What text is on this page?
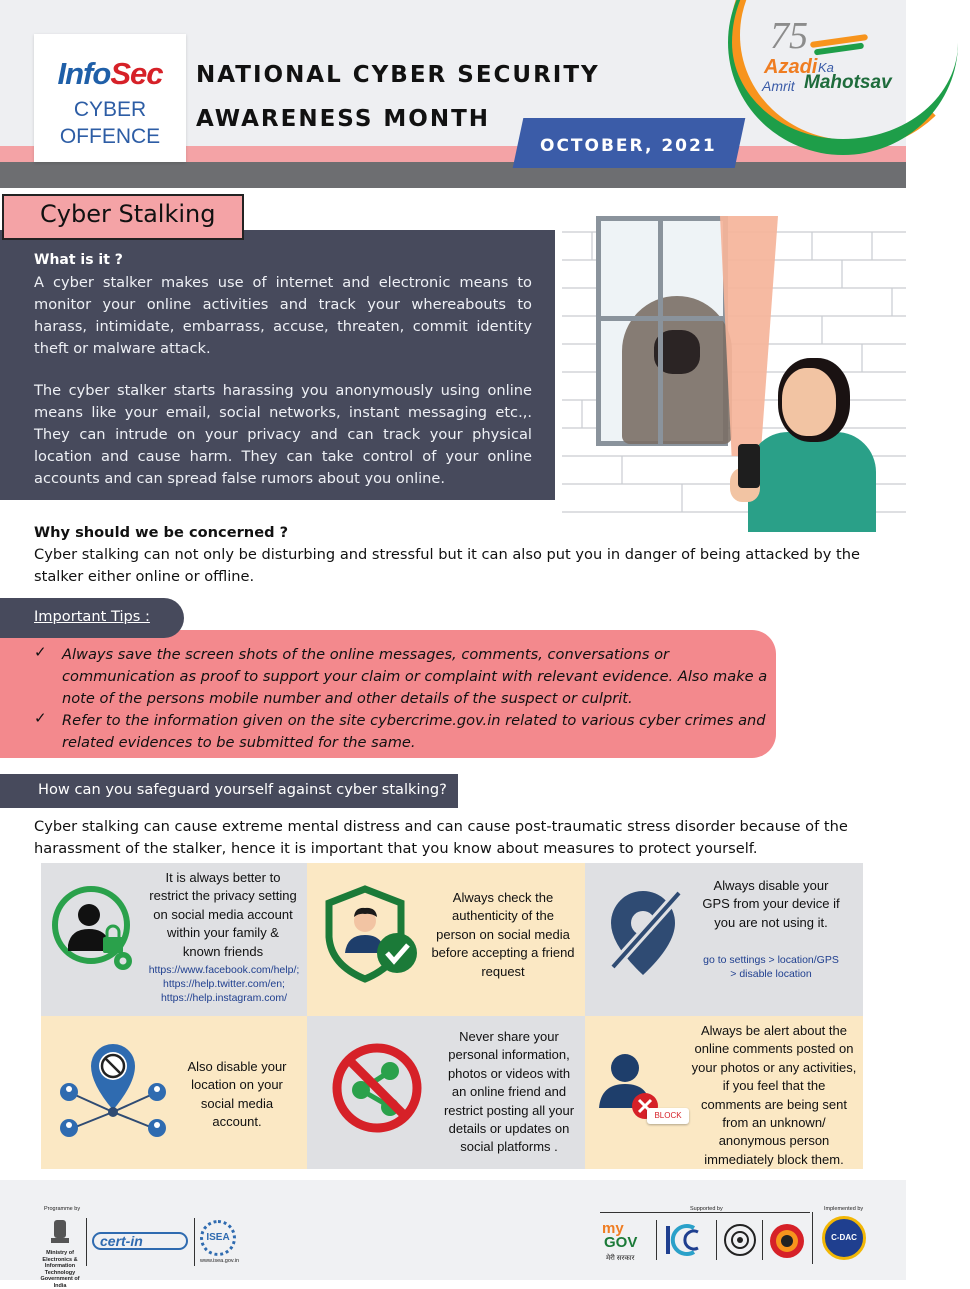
InfoSec
CYBER
OFFENCE
NATIONAL CYBER SECURITY
AWARENESS MONTH
OCTOBER, 2021
75
Azadi Ka
Amrit Mahotsav
Cyber Stalking
What is it ?
A cyber stalker makes use of internet and electronic means to monitor your online activities and track your whereabouts to harass, intimidate, embarrass, accuse, threaten, commit identity theft or malware attack.
The cyber stalker starts harassing you anonymously using online means like your email, social networks, instant messaging etc.,. They can intrude on your privacy and can track your physical location and cause harm. They can take control of your online accounts and can spread false rumors about you online.
Why should we be concerned ?
Cyber stalking can not only be disturbing and stressful but it can also put you in danger of being attacked by the stalker either online or offline.
Important Tips :
✓ Always save the screen shots of the online messages, comments, conversations or communication as proof to support your claim or complaint with relevant evidence. Also make a note of the persons mobile number and other details of the suspect or culprit.
✓ Refer to the information given on the site cybercrime.gov.in related to various cyber crimes and related evidences to be submitted for the same.
How can you safeguard yourself against cyber stalking?
Cyber stalking can cause extreme mental distress and can cause post-traumatic stress disorder because of the harassment of the stalker, hence it is important that you know about measures to protect yourself.
It is always better to restrict the privacy setting on social media account within your family & known friends
https://www.facebook.com/help/; https://help.twitter.com/en; https://help.instagram.com/
Always check the authenticity of the person on social media before accepting a friend request
Always disable your GPS from your device if you are not using it.
go to settings > location/GPS > disable location
Also disable your location on your social media account.
Never share your personal information, photos or videos with an online friend and restrict posting all your details or updates on social platforms .
BLOCK
Always be alert about the online comments posted on your photos or any activities, if you feel that the comments are being sent from an unknown/ anonymous person immediately block them.
Programme by
Ministry of Electronics & Information Technology Government of India
cert-in	ISEA
www.isea.gov.in
Supported by
my
GOV
मेरी सरकार
Implemented by
C-DAC
